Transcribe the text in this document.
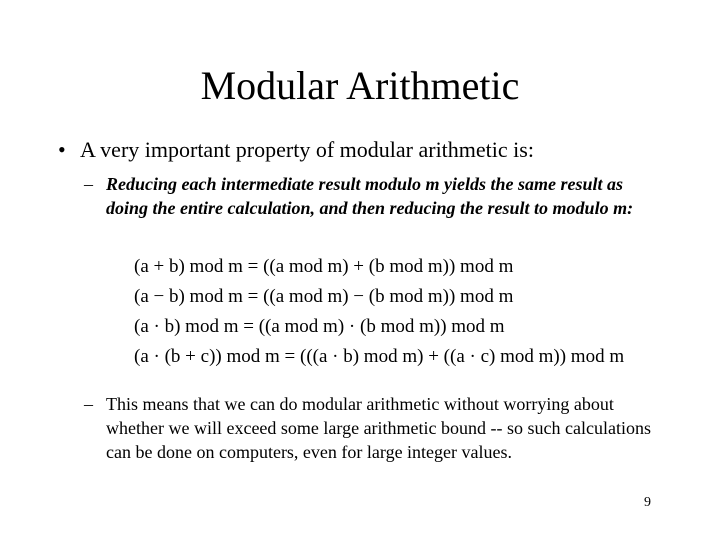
Modular Arithmetic
• A very important property of modular arithmetic is:
– Reducing each intermediate result modulo m yields the same result as doing the entire calculation, and then reducing the result to modulo m:
(a + b) mod m = ((a mod m) + (b mod m)) mod m
(a − b) mod m = ((a mod m) − (b mod m)) mod m
(a · b) mod m = ((a mod m) · (b mod m)) mod m
(a · (b + c)) mod m = (((a · b) mod m) + ((a · c) mod m)) mod m
– This means that we can do modular arithmetic without worrying about whether we will exceed some large arithmetic bound -- so such calculations can be done on computers, even for large integer values.
9
